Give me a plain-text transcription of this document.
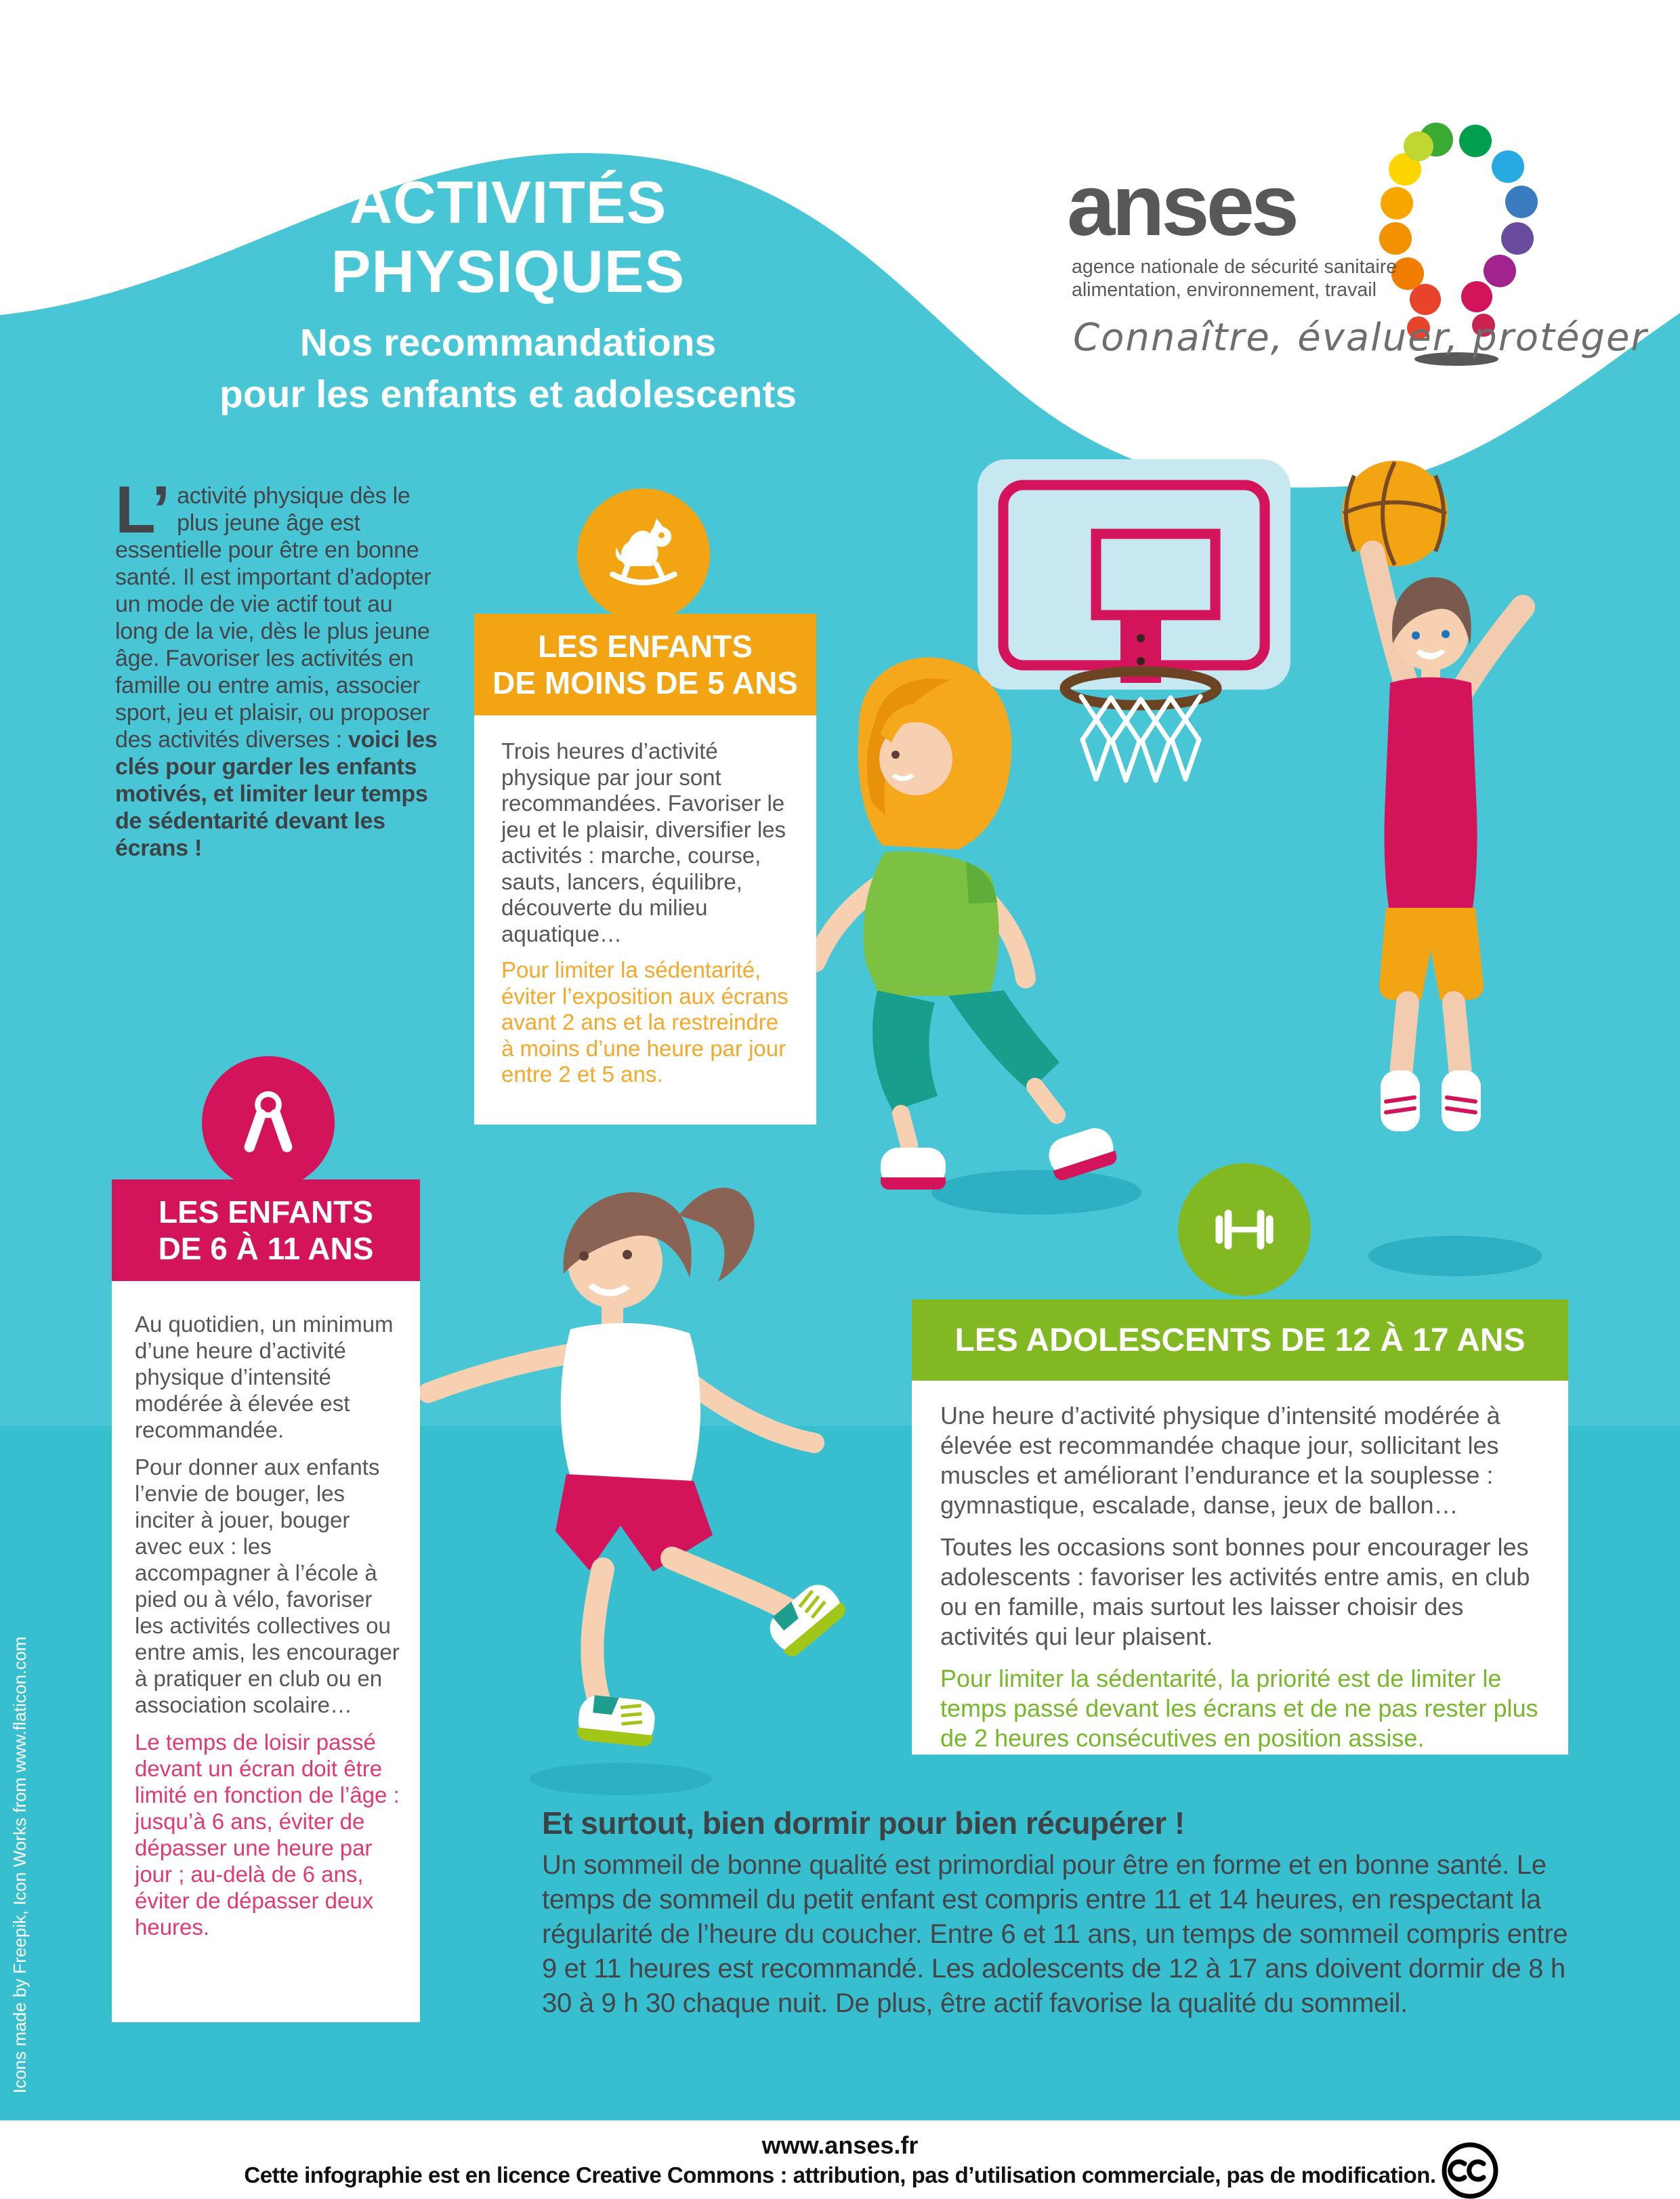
ACTIVITÉS
PHYSIQUES
Nos recommandations
pour les enfants et adolescents
anses
agence nationale de sécurité sanitaire
alimentation, environnement, travail
Connaître, évaluer, protéger
L’ activité physique dès le plus jeune âge est essentielle pour être en bonne santé. Il est important d’adopter un mode de vie actif tout au long de la vie, dès le plus jeune âge. Favoriser les activités en famille ou entre amis, associer sport, jeu et plaisir, ou proposer des activités diverses : voici les clés pour garder les enfants motivés, et limiter leur temps de sédentarité devant les écrans !
LES ENFANTS
DE MOINS DE 5 ANS
Trois heures d’activité physique par jour sont recommandées. Favoriser le jeu et le plaisir, diversifier les activités : marche, course, sauts, lancers, équilibre, découverte du milieu aquatique…
Pour limiter la sédentarité, éviter l’exposition aux écrans avant 2 ans et la restreindre à moins d’une heure par jour entre 2 et 5 ans.
LES ENFANTS
DE 6 À 11 ANS
Au quotidien, un minimum d’une heure d’activité physique d’intensité modérée à élevée est recommandée.
Pour donner aux enfants l’envie de bouger, les inciter à jouer, bouger avec eux : les accompagner à l’école à pied ou à vélo, favoriser les activités collectives ou entre amis, les encourager à pratiquer en club ou en association scolaire…
Le temps de loisir passé devant un écran doit être limité en fonction de l’âge : jusqu’à 6 ans, éviter de dépasser une heure par jour ; au-delà de 6 ans, éviter de dépasser deux heures.
LES ADOLESCENTS DE 12 À 17 ANS
Une heure d’activité physique d’intensité modérée à élevée est recommandée chaque jour, sollicitant les muscles et améliorant l’endurance et la souplesse : gymnastique, escalade, danse, jeux de ballon…
Toutes les occasions sont bonnes pour encourager les adolescents : favoriser les activités entre amis, en club ou en famille, mais surtout les laisser choisir des activités qui leur plaisent.
Pour limiter la sédentarité, la priorité est de limiter le temps passé devant les écrans et de ne pas rester plus de 2 heures consécutives en position assise.
Et surtout, bien dormir pour bien récupérer !
Un sommeil de bonne qualité est primordial pour être en forme et en bonne santé. Le temps de sommeil du petit enfant est compris entre 11 et 14 heures, en respectant la régularité de l’heure du coucher. Entre 6 et 11 ans, un temps de sommeil compris entre 9 et 11 heures est recommandé. Les adolescents de 12 à 17 ans doivent dormir de 8 h 30 à 9 h 30 chaque nuit. De plus, être actif favorise la qualité du sommeil.
Icons made by Freepik, Icon Works from www.flaticon.com
www.anses.fr
Cette infographie est en licence Creative Commons : attribution, pas d’utilisation commerciale, pas de modification.
